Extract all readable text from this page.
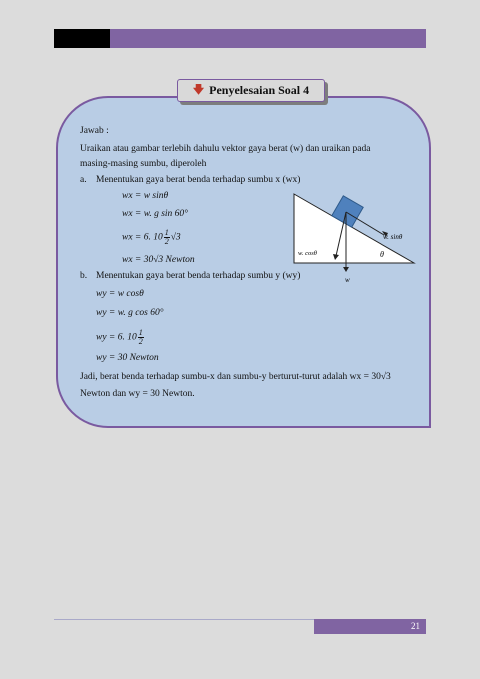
🡇 Penyelesaian Soal 4
Jawab :
Uraikan atau gambar terlebih dahulu vektor gaya berat (w) dan uraikan pada
masing-masing sumbu, diperoleh
a. Menentukan gaya berat benda terhadap sumbu x (wx)
wx = w sinθ
wx = w. g sin 60°
wx = 6. $10 \frac{1}{2} √3$
wx = 30√3 Newton
b. Menentukan gaya berat benda terhadap sumbu y (wy)
wy = w cosθ
wy = w. g cos 60°
wy = 6. $10 \frac{1}{2}$
wy = 30 Newton
Jadi, berat benda terhadap sumbu-x dan sumbu-y berturut-turut adalah wx = 30√3
Newton dan wy = 30 Newton.
w. sinθ
w. cosθ	θ
w
21
